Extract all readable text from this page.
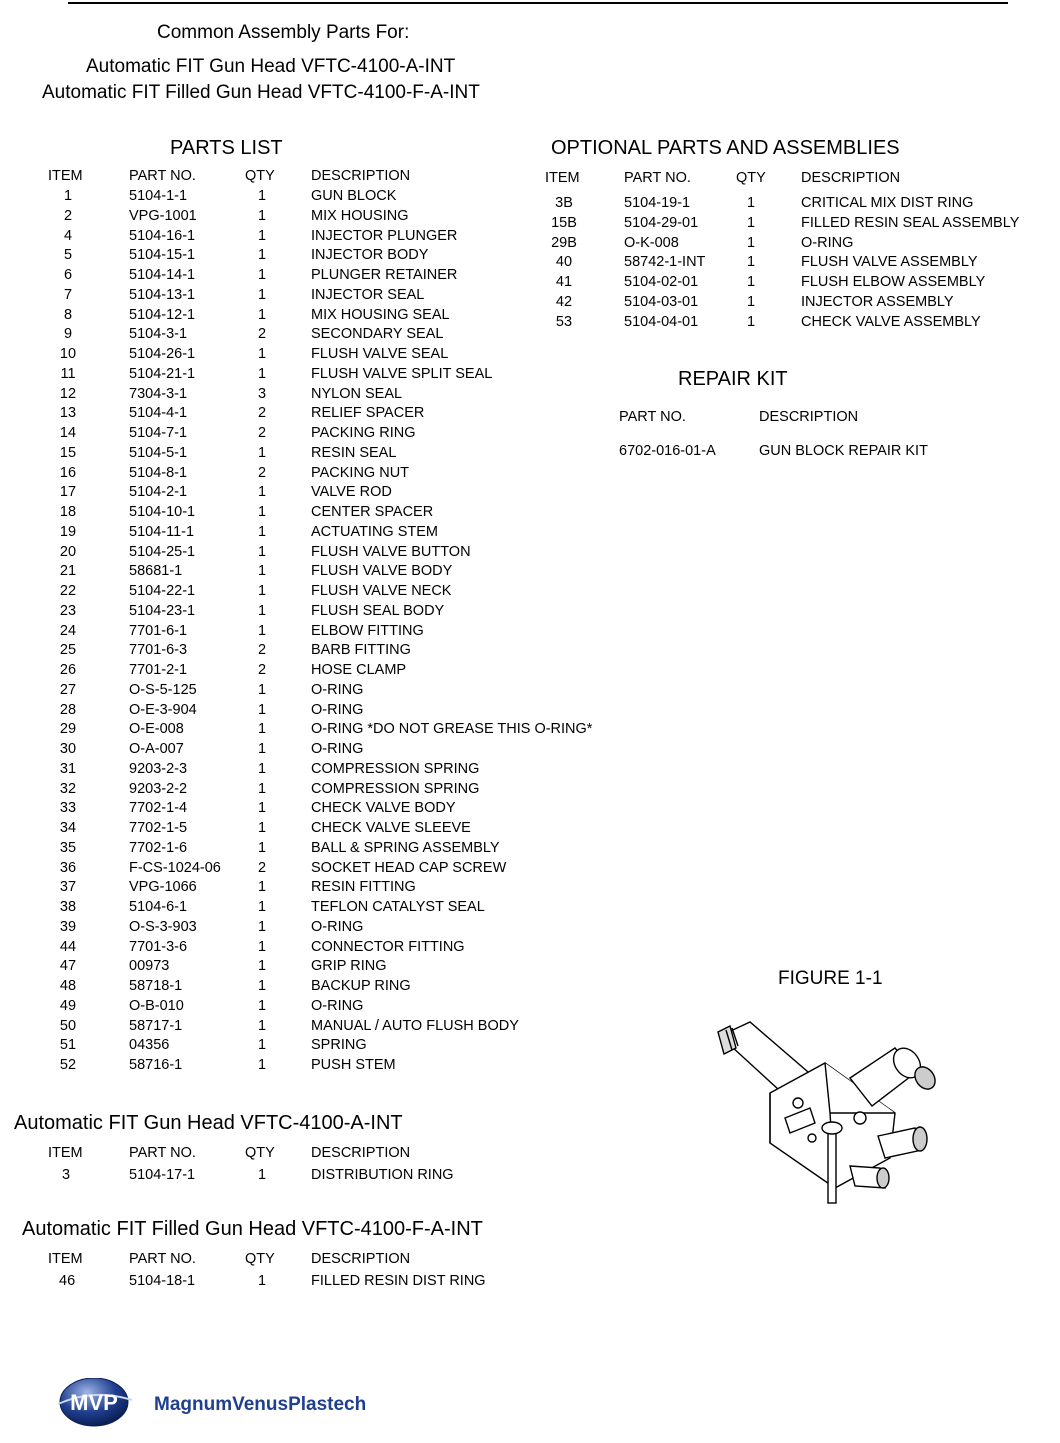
Common Assembly Parts For:
Automatic FIT Gun Head VFTC-4100-A-INT
Automatic FIT Filled Gun Head VFTC-4100-F-A-INT
PARTS LIST
ITEM	PART NO.	QTY DESCRIPTION
1	5104-1-1	1	GUN BLOCK
2	VPG-1001	1	MIX HOUSING
4	5104-16-1	1	INJECTOR PLUNGER
5	5104-15-1	1	INJECTOR BODY
6	5104-14-1	1	PLUNGER RETAINER
7	5104-13-1	1	INJECTOR SEAL
8	5104-12-1	1	MIX HOUSING SEAL
9	5104-3-1	2	SECONDARY SEAL
10	5104-26-1	1	FLUSH VALVE SEAL
11	5104-21-1	1	FLUSH VALVE SPLIT SEAL
12	7304-3-1	3	NYLON SEAL
13	5104-4-1	2	RELIEF SPACER
14	5104-7-1	2	PACKING RING
15	5104-5-1	1	RESIN SEAL
16	5104-8-1	2	PACKING NUT
17	5104-2-1	1	VALVE ROD
18	5104-10-1	1	CENTER SPACER
19	5104-11-1	1	ACTUATING STEM
20	5104-25-1	1	FLUSH VALVE BUTTON
21	58681-1	1	FLUSH VALVE BODY
22	5104-22-1	1	FLUSH VALVE NECK
23	5104-23-1	1	FLUSH SEAL BODY
24	7701-6-1	1	ELBOW FITTING
25	7701-6-3	2	BARB FITTING
26	7701-2-1	2	HOSE CLAMP
27	O-S-5-125	1	O-RING
28	O-E-3-904	1	O-RING
29	O-E-008	1	O-RING *DO NOT GREASE THIS O-RING*
30	O-A-007	1	O-RING
31	9203-2-3	1	COMPRESSION SPRING
32	9203-2-2	1	COMPRESSION SPRING
33	7702-1-4	1	CHECK VALVE BODY
34	7702-1-5	1	CHECK VALVE SLEEVE
35	7702-1-6	1	BALL & SPRING ASSEMBLY
36	F-CS-1024-06	2	SOCKET HEAD CAP SCREW
37	VPG-1066	1	RESIN FITTING
38	5104-6-1	1	TEFLON CATALYST SEAL
39	O-S-3-903	1	O-RING
44	7701-3-6	1	CONNECTOR FITTING
47	00973	1	GRIP RING
48	58718-1	1	BACKUP RING
49	O-B-010	1	O-RING
50	58717-1	1	MANUAL / AUTO FLUSH BODY
51	04356	1	SPRING
52	58716-1	1	PUSH STEM
OPTIONAL PARTS AND ASSEMBLIES
ITEM	PART NO.	QTY DESCRIPTION
3B	5104-19-1	1	CRITICAL MIX DIST RING
15B	5104-29-01	1	FILLED RESIN SEAL ASSEMBLY
29B	O-K-008	1	O-RING
40	58742-1-INT	1	FLUSH VALVE ASSEMBLY
41	5104-02-01	1	FLUSH ELBOW ASSEMBLY
42	5104-03-01	1	INJECTOR ASSEMBLY
53	5104-04-01	1	CHECK VALVE ASSEMBLY
REPAIR KIT
PART NO.	DESCRIPTION
6702-016-01-A	GUN BLOCK REPAIR KIT
FIGURE 1-1
Automatic FIT Gun Head VFTC-4100-A-INT
ITEM	PART NO.	QTY DESCRIPTION
3	5104-17-1	1	DISTRIBUTION RING
Automatic FIT Filled Gun Head VFTC-4100-F-A-INT
ITEM	PART NO.	QTY DESCRIPTION
46	5104-18-1	1	FILLED RESIN DIST RING
MVP MagnumVenusPlastech
